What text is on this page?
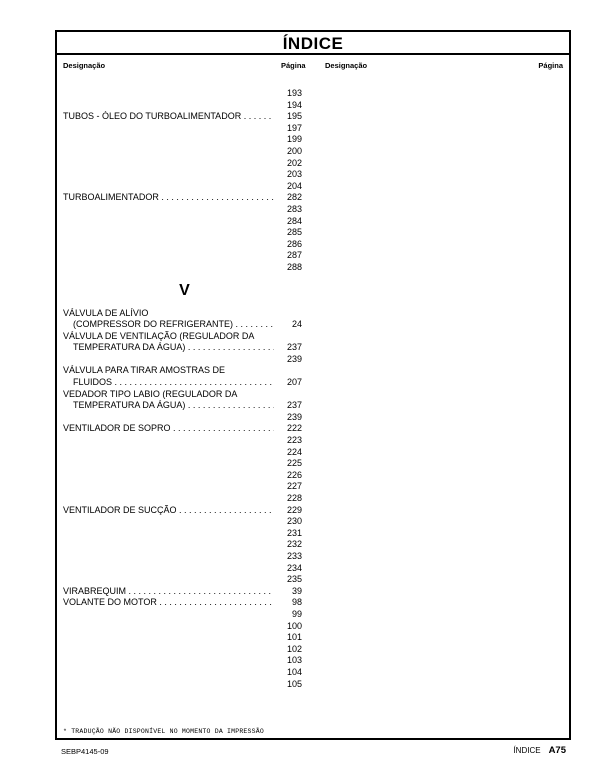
ÍNDICE
Designação	Página	Designação	Página
193
194
TUBOS - ÓLEO DO TURBOALIMENTADOR . . .	195
197
199
200
202
203
204
TURBOALIMENTADOR . . .	282
283
284
285
286
287
288
V
VÁLVULA DE ALÍVIO
(COMPRESSOR DO REFRIGERANTE) . . .	24
VÁLVULA DE VENTILAÇÃO (REGULADOR DA
TEMPERATURA DA ÁGUA) . . .	237
239
VÁLVULA PARA TIRAR AMOSTRAS DE
FLUIDOS . . .	207
VEDADOR TIPO LABIO (REGULADOR DA
TEMPERATURA DA ÁGUA) . . .	237
239
VENTILADOR DE SOPRO . . .	222
223
224
225
226
227
228
VENTILADOR DE SUCÇÃO . . .	229
230
231
232
233
234
235
VIRABREQUIM . . .	39
VOLANTE DO MOTOR . . .	98
99
100
101
102
103
104
105
* TRADUÇÃO NÃO DISPONÍVEL NO MOMENTO DA IMPRESSÃO
SEBP4145-09	ÍNDICE A75
